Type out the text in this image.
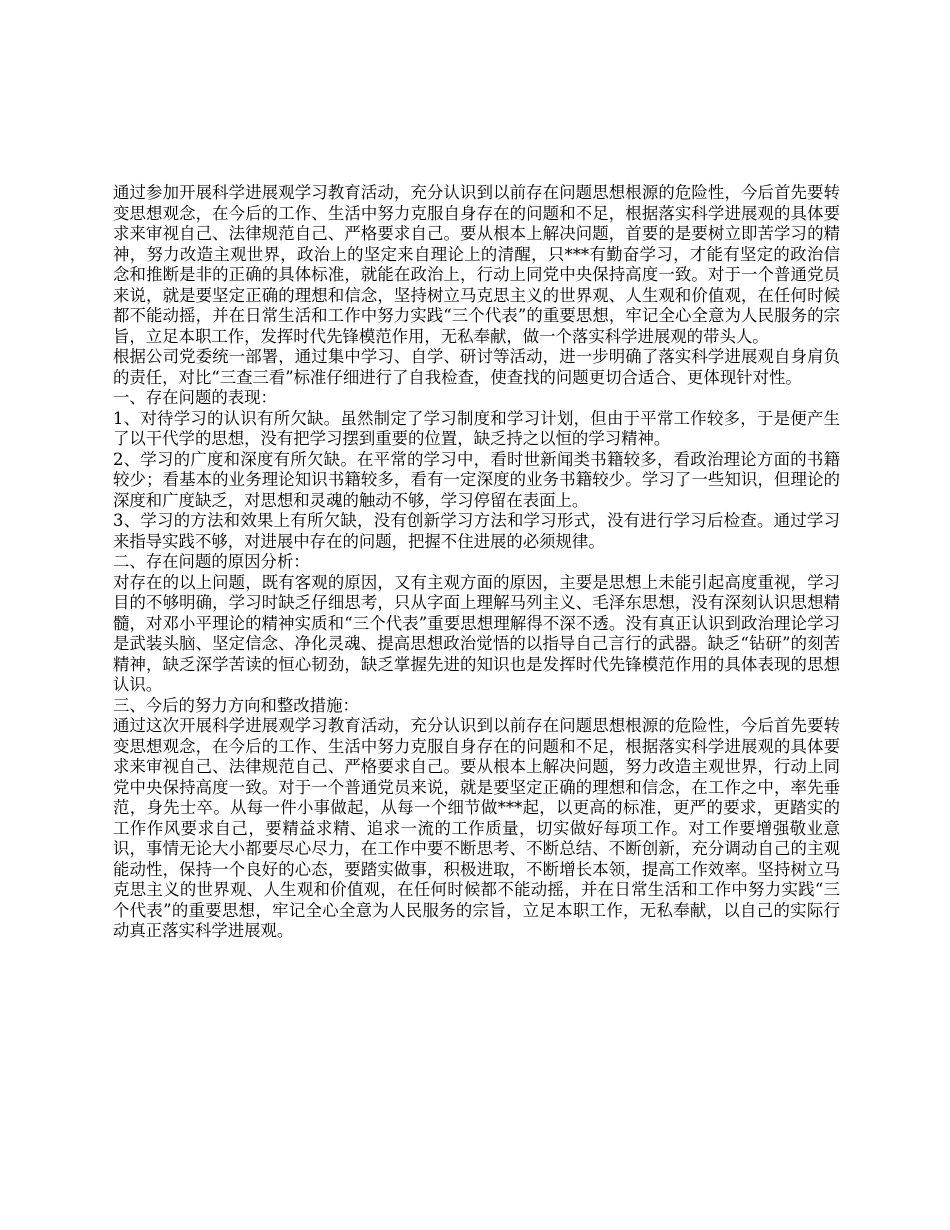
通过参加开展科学进展观学习教育活动，充分认识到以前存在问题思想根源的危险性，今后首先要转变思想观念，在今后的工作、生活中努力克服自身存在的问题和不足，根据落实科学进展观的具体要求来审视自己、法律规范自己、严格要求自己。要从根本上解决问题，首要的是要树立即苦学习的精神，努力改造主观世界，政治上的坚定来自理论上的清醒，只***有勤奋学习，才能有坚定的政治信念和推断是非的正确的具体标准，就能在政治上，行动上同党中央保持高度一致。对于一个普通党员来说，就是要坚定正确的理想和信念，坚持树立马克思主义的世界观、人生观和价值观，在任何时候都不能动摇，并在日常生活和工作中努力实践“三个代表”的重要思想，牢记全心全意为人民服务的宗旨，立足本职工作，发挥时代先锋模范作用，无私奉献，做一个落实科学进展观的带头人。

根据公司党委统一部署，通过集中学习、自学、研讨等活动，进一步明确了落实科学进展观自身肩负的责任，对比“三查三看”标准仔细进行了自我检查，使查找的问题更切合适合、更体现针对性。

一、存在问题的表现：

1、对待学习的认识有所欠缺。虽然制定了学习制度和学习计划，但由于平常工作较多，于是便产生了以干代学的思想，没有把学习摆到重要的位置，缺乏持之以恒的学习精神。

2、学习的广度和深度有所欠缺。在平常的学习中，看时世新闻类书籍较多，看政治理论方面的书籍较少；看基本的业务理论知识书籍较多，看有一定深度的业务书籍较少。学习了一些知识，但理论的深度和广度缺乏，对思想和灵魂的触动不够，学习停留在表面上。

3、学习的方法和效果上有所欠缺，没有创新学习方法和学习形式，没有进行学习后检查。通过学习来指导实践不够，对进展中存在的问题，把握不住进展的必须规律。

二、存在问题的原因分析：

对存在的以上问题，既有客观的原因，又有主观方面的原因，主要是思想上未能引起高度重视，学习目的不够明确，学习时缺乏仔细思考，只从字面上理解马列主义、毛泽东思想，没有深刻认识思想精髓，对邓小平理论的精神实质和“三个代表”重要思想理解得不深不透。没有真正认识到政治理论学习是武装头脑、坚定信念、净化灵魂、提高思想政治觉悟的以指导自己言行的武器。缺乏“钻研”的刻苦精神，缺乏深学苦读的恒心韧劲，缺乏掌握先进的知识也是发挥时代先锋模范作用的具体表现的思想认识。

三、今后的努力方向和整改措施：

通过这次开展科学进展观学习教育活动，充分认识到以前存在问题思想根源的危险性，今后首先要转变思想观念，在今后的工作、生活中努力克服自身存在的问题和不足，根据落实科学进展观的具体要求来审视自己、法律规范自己、严格要求自己。要从根本上解决问题，努力改造主观世界，行动上同党中央保持高度一致。对于一个普通党员来说，就是要坚定正确的理想和信念，在工作之中，率先垂范，身先士卒。从每一件小事做起，从每一个细节做***起，以更高的标准，更严的要求，更踏实的工作作风要求自己，要精益求精、追求一流的工作质量，切实做好每项工作。对工作要增强敬业意识，事情无论大小都要尽心尽力，在工作中要不断思考、不断总结、不断创新，充分调动自己的主观能动性，保持一个良好的心态，要踏实做事，积极进取，不断增长本领，提高工作效率。坚持树立马克思主义的世界观、人生观和价值观，在任何时候都不能动摇，并在日常生活和工作中努力实践“三个代表”的重要思想，牢记全心全意为人民服务的宗旨，立足本职工作，无私奉献，以自己的实际行动真正落实科学进展观。
